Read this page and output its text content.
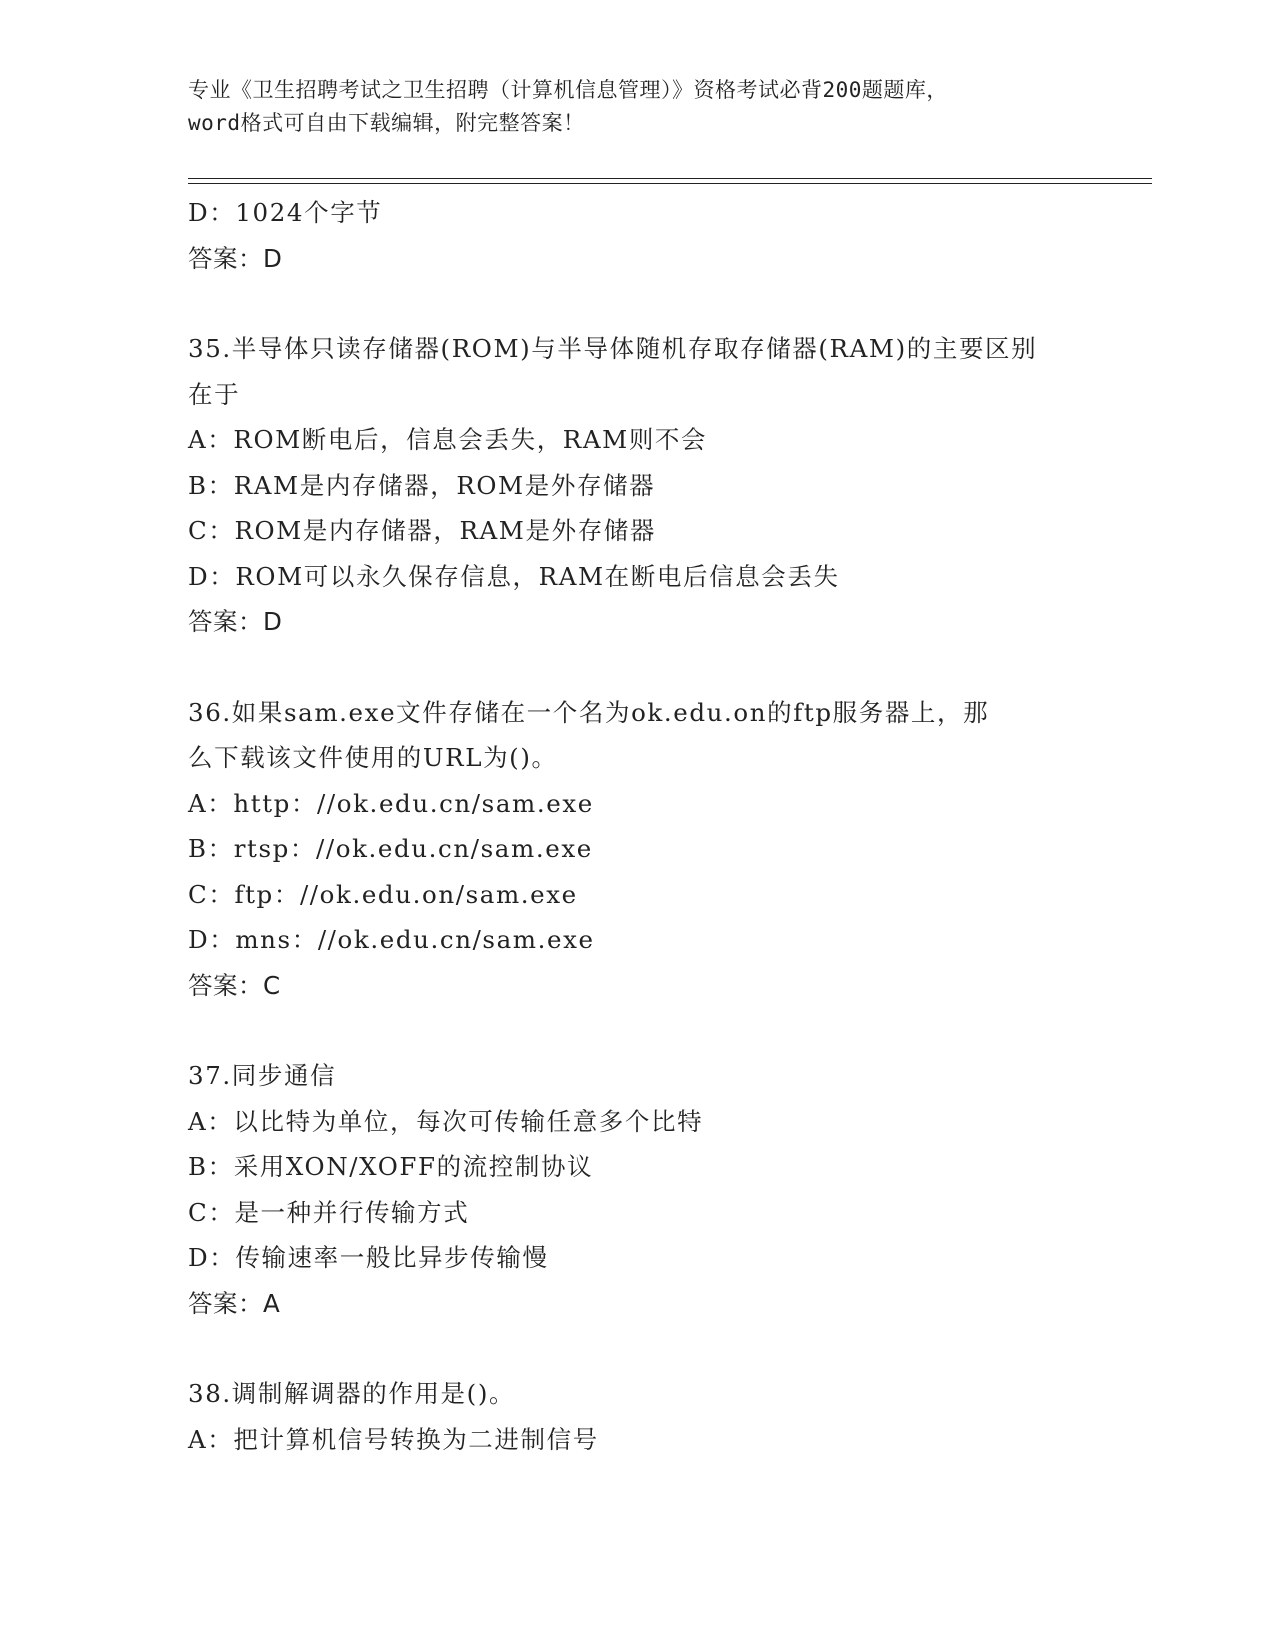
专业《卫生招聘考试之卫生招聘（计算机信息管理）》资格考试必背200题题库，
word格式可自由下载编辑，附完整答案！
D：1024个字节
答案：D
35.半导体只读存储器(ROM)与半导体随机存取存储器(RAM)的主要区别
在于
A：ROM断电后，信息会丢失，RAM则不会
B：RAM是内存储器，ROM是外存储器
C：ROM是内存储器，RAM是外存储器
D：ROM可以永久保存信息，RAM在断电后信息会丢失
答案：D
36.如果sam.exe文件存储在一个名为ok.edu.on的ftp服务器上，那
么下载该文件使用的URL为()。
A：http：//ok.edu.cn/sam.exe
B：rtsp：//ok.edu.cn/sam.exe
C：ftp：//ok.edu.on/sam.exe
D：mns：//ok.edu.cn/sam.exe
答案：C
37.同步通信
A：以比特为单位，每次可传输任意多个比特
B：采用XON/XOFF的流控制协议
C：是一种并行传输方式
D：传输速率一般比异步传输慢
答案：A
38.调制解调器的作用是()。
A：把计算机信号转换为二进制信号
